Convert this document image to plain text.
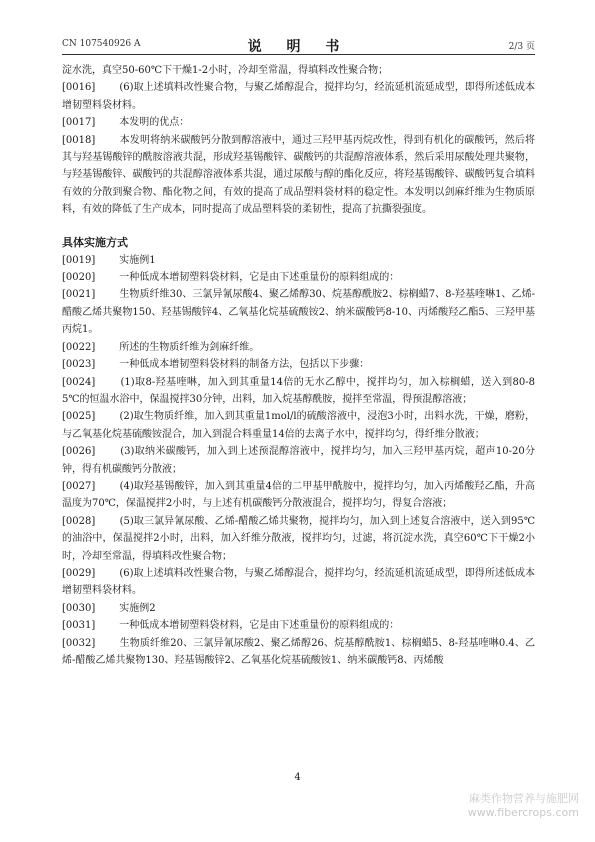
CN 107540926 A	说 明 书	2/3 页

淀水洗，真空50-60℃下干燥1-2小时，冷却至常温，得填料改性聚合物；

[0016]　　 (6)取上述填料改性聚合物，与聚乙烯醇混合，搅拌均匀，经流延机流延成型，即得所述低成本增韧塑料袋材料。

[0017]　　 本发明的优点：

[0018]　　 本发明将纳米碳酸钙分散到醇溶液中，通过三羟甲基丙烷改性，得到有机化的碳酸钙，然后将其与羟基锡酸锌的酰胺溶液共混，形成羟基锡酸锌、碳酸钙的共混醇溶液体系，然后采用尿酸处理共聚物，与羟基锡酸锌、碳酸钙的共混醇溶液体系共混，通过尿酸与醇的酯化反应，将羟基锡酸锌、碳酸钙复合填料有效的分散到聚合物、酯化物之间，有效的提高了成品塑料袋材料的稳定性。本发明以剑麻纤维为生物质原料，有效的降低了生产成本，同时提高了成品塑料袋的柔韧性，提高了抗撕裂强度。

具体实施方式

[0019]　　 实施例1

[0020]　　 一种低成本增韧塑料袋材料，它是由下述重量份的原料组成的：

[0021]　　 生物质纤维30、三氯异氰尿酸4、聚乙烯醇30、烷基醇酰胺2、棕榈蜡7、8-羟基喹啉1、乙烯-醋酸乙烯共聚物150、羟基锡酸锌4、乙氧基化烷基硫酸铵2、纳米碳酸钙8-10、丙烯酸羟乙酯5、三羟甲基丙烷1。

[0022]　　 所述的生物质纤维为剑麻纤维。

[0023]　　 一种低成本增韧塑料袋材料的制备方法，包括以下步骤：

[0024]　　	(1)取8-羟基喹啉，加入到其重量14倍的无水乙醇中，搅拌均匀，加入棕榈蜡，送入到80-85℃的恒温水浴中，保温搅拌30分钟，出料，加入烷基醇酰胺，搅拌至常温，得预混醇溶液；

[0025]　　 (2)取生物质纤维，加入到其重量1mol/l的硫酸溶液中，浸泡3小时，出料水洗，干燥，磨粉，与乙氧基化烷基硫酸铵混合，加入到混合料重量14倍的去离子水中，搅拌均匀，得纤维分散液；

[0026]　　 (3)取纳米碳酸钙，加入到上述预混醇溶液中，搅拌均匀，加入三羟甲基丙烷，超声10-20分钟，得有机碳酸钙分散液；

[0027]　　 (4)取羟基锡酸锌，加入到其重量4倍的二甲基甲酰胺中，搅拌均匀，加入丙烯酸羟乙酯，升高温度为70℃，保温搅拌2小时，与上述有机碳酸钙分散液混合，搅拌均匀，得复合溶液；

[0028]　　 (5)取三氯异氰尿酸、乙烯-醋酸乙烯共聚物，搅拌均匀，加入到上述复合溶液中，送入到95℃的油浴中，保温搅拌2小时，出料，加入纤维分散液，搅拌均匀，过滤，将沉淀水洗，真空60℃下干燥2小时，冷却至常温，得填料改性聚合物；

[0029]　　 (6)取上述填料改性聚合物，与聚乙烯醇混合，搅拌均匀，经流延机流延成型，即得所述低成本增韧塑料袋材料。

[0030]　　 实施例2

[0031]　　 一种低成本增韧塑料袋材料，它是由下述重量份的原料组成的：

[0032]　　 生物质纤维20、三氯异氰尿酸2、聚乙烯醇26、烷基醇酰胺1、棕榈蜡5、8-羟基喹啉0.4、乙烯-醋酸乙烯共聚物130、羟基锡酸锌2、乙氧基化烷基硫酸铵1、纳米碳酸钙8、丙烯酸

4
麻类作物营养与施肥网
www.fibercrops.com
